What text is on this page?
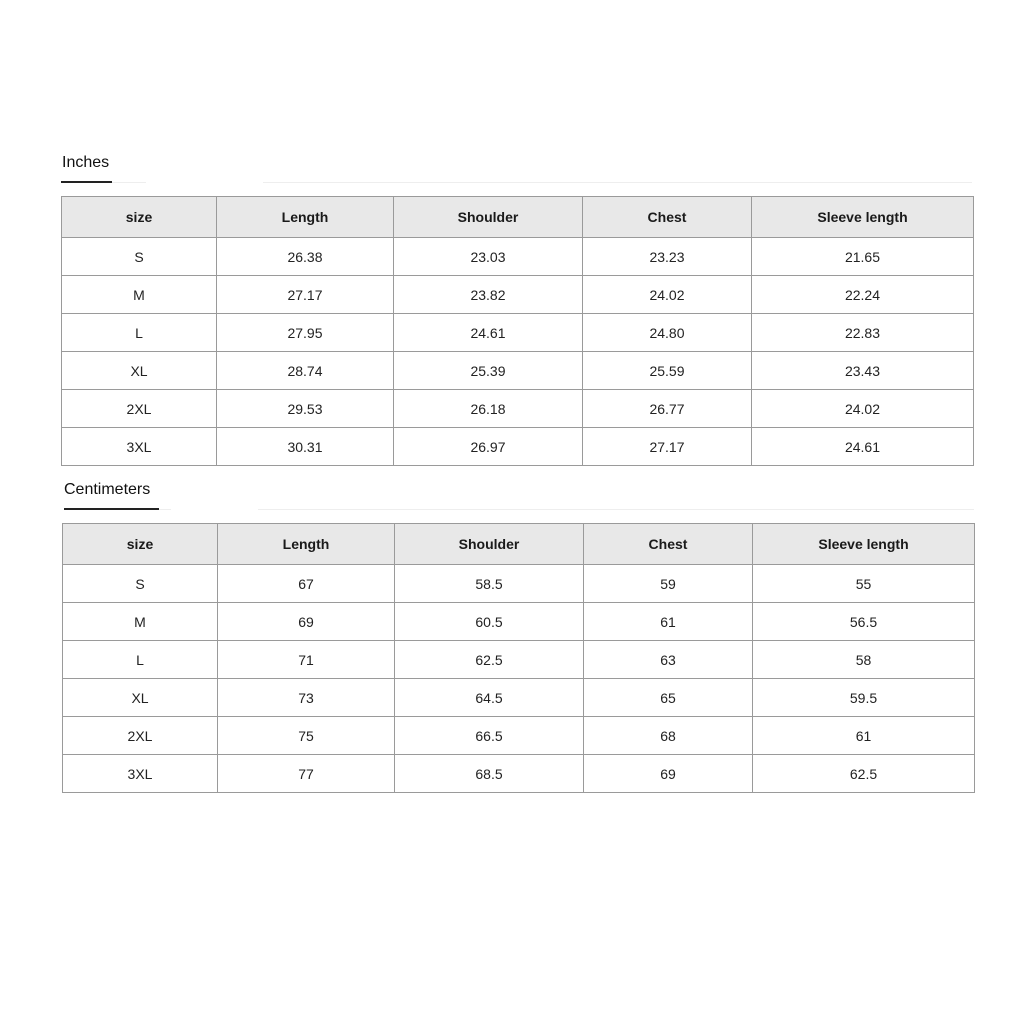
Inches
size	Length	Shoulder	Chest	Sleeve length
S	26.38	23.03	23.23	21.65
M	27.17	23.82	24.02	22.24
L	27.95	24.61	24.80	22.83
XL	28.74	25.39	25.59	23.43
2XL	29.53	26.18	26.77	24.02
3XL	30.31	26.97	27.17	24.61
Centimeters
size	Length	Shoulder	Chest	Sleeve length
S	67	58.5	59	55
M	69	60.5	61	56.5
L	71	62.5	63	58
XL	73	64.5	65	59.5
2XL	75	66.5	68	61
3XL	77	68.5	69	62.5
